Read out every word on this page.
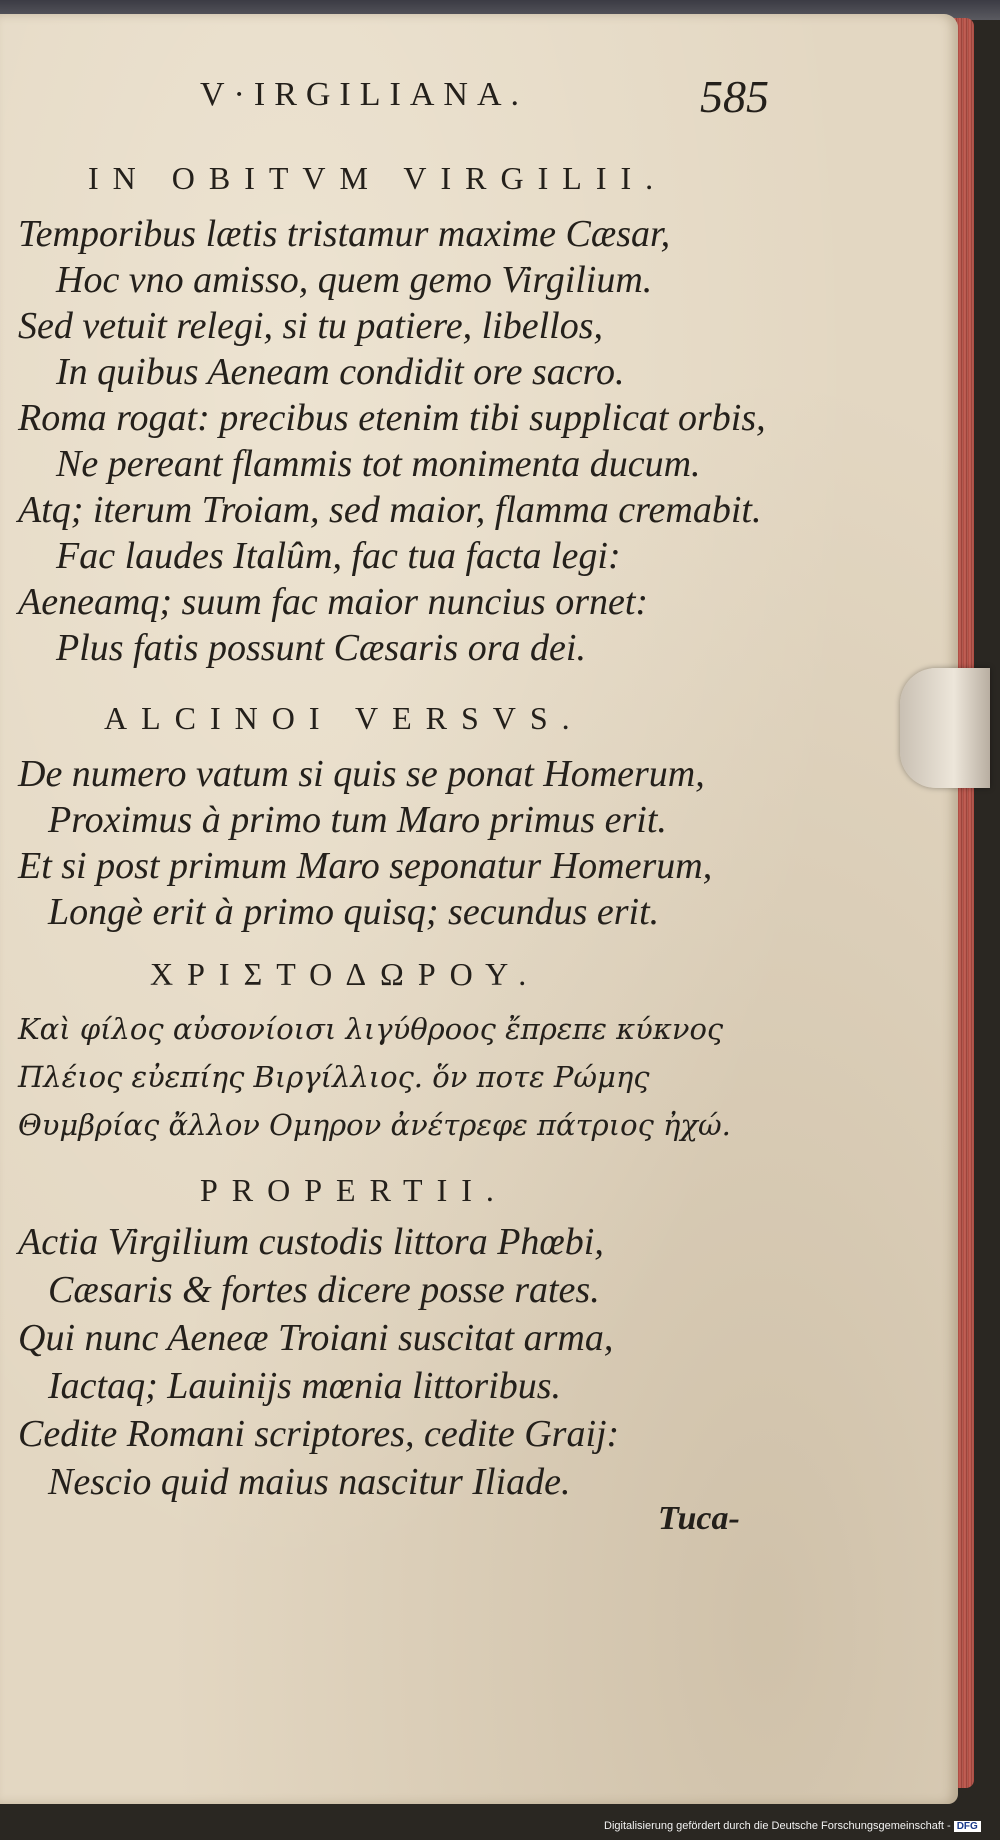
V·IRGILIANA.	585
IN OBITVM VIRGILII.
Temporibus lætis tristamur maxime Cæsar,
Hoc vno amisso, quem gemo Virgilium.
Sed vetuit relegi, si tu patiere, libellos,
In quibus Aeneam condidit ore sacro.
Roma rogat: precibus etenim tibi supplicat orbis,
Ne pereant flammis tot monimenta ducum.
Atq; iterum Troiam, sed maior, flamma cremabit.
Fac laudes Italûm, fac tua facta legi:
Aeneamq; suum fac maior nuncius ornet:
Plus fatis possunt Cæsaris ora dei.
ALCINOI VERSVS.
De numero vatum si quis se ponat Homerum,
Proximus à primo tum Maro primus erit.
Et si post primum Maro seponatur Homerum,
Longè erit à primo quisq; secundus erit.
ΧΡΙΣΤΟΔΩΡΟΥ.
Καὶ φίλος αὐσονίοισι λιγύθροος ἔπρεπε κύκνος
Πλέιος εὐεπίης Βιργίλλιος. ὅν ποτε Ρώμης
Θυμβρίας ἄλλον Ομηρον ἀνέτρεφε πάτριος ἠχώ.
PROPERTII.
Actia Virgilium custodis littora Phœbi,
Cæsaris & fortes dicere posse rates.
Qui nunc Aeneæ Troiani suscitat arma,
Iactaq; Lauinijs mœnia littoribus.
Cedite Romani scriptores, cedite Graij:
Nescio quid maius nascitur Iliade.
Tuca-
Digitalisierung gefördert durch die Deutsche Forschungsgemeinschaft - DFG
